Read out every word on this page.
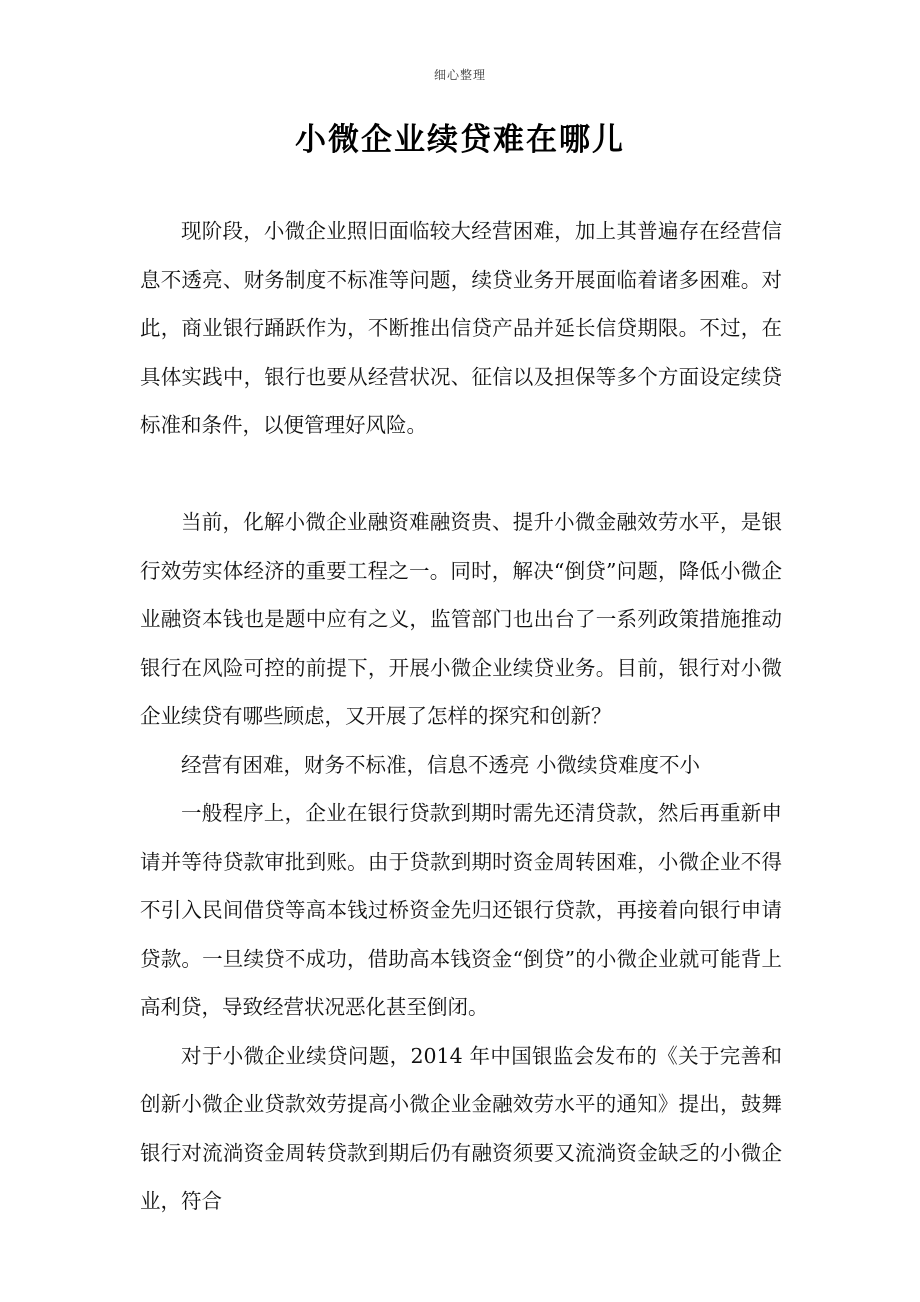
细心整理
小微企业续贷难在哪儿

现阶段，小微企业照旧面临较大经营困难，加上其普遍存在经营信息不透亮、财务制度不标准等问题，续贷业务开展面临着诸多困难。对此，商业银行踊跃作为，不断推出信贷产品并延长信贷期限。不过，在具体实践中，银行也要从经营状况、征信以及担保等多个方面设定续贷标准和条件，以便管理好风险。

当前，化解小微企业融资难融资贵、提升小微金融效劳水平，是银行效劳实体经济的重要工程之一。同时，解决“倒贷”问题，降低小微企业融资本钱也是题中应有之义，监管部门也出台了一系列政策措施推动银行在风险可控的前提下，开展小微企业续贷业务。目前，银行对小微企业续贷有哪些顾虑，又开展了怎样的探究和创新？

经营有困难，财务不标准，信息不透亮 小微续贷难度不小

一般程序上，企业在银行贷款到期时需先还清贷款，然后再重新申请并等待贷款审批到账。由于贷款到期时资金周转困难，小微企业不得不引入民间借贷等高本钱过桥资金先归还银行贷款，再接着向银行申请贷款。一旦续贷不成功，借助高本钱资金“倒贷”的小微企业就可能背上高利贷，导致经营状况恶化甚至倒闭。

对于小微企业续贷问题，2014 年中国银监会发布的《关于完善和创新小微企业贷款效劳提高小微企业金融效劳水平的通知》提出，鼓舞银行对流淌资金周转贷款到期后仍有融资须要又流淌资金缺乏的小微企业，符合
